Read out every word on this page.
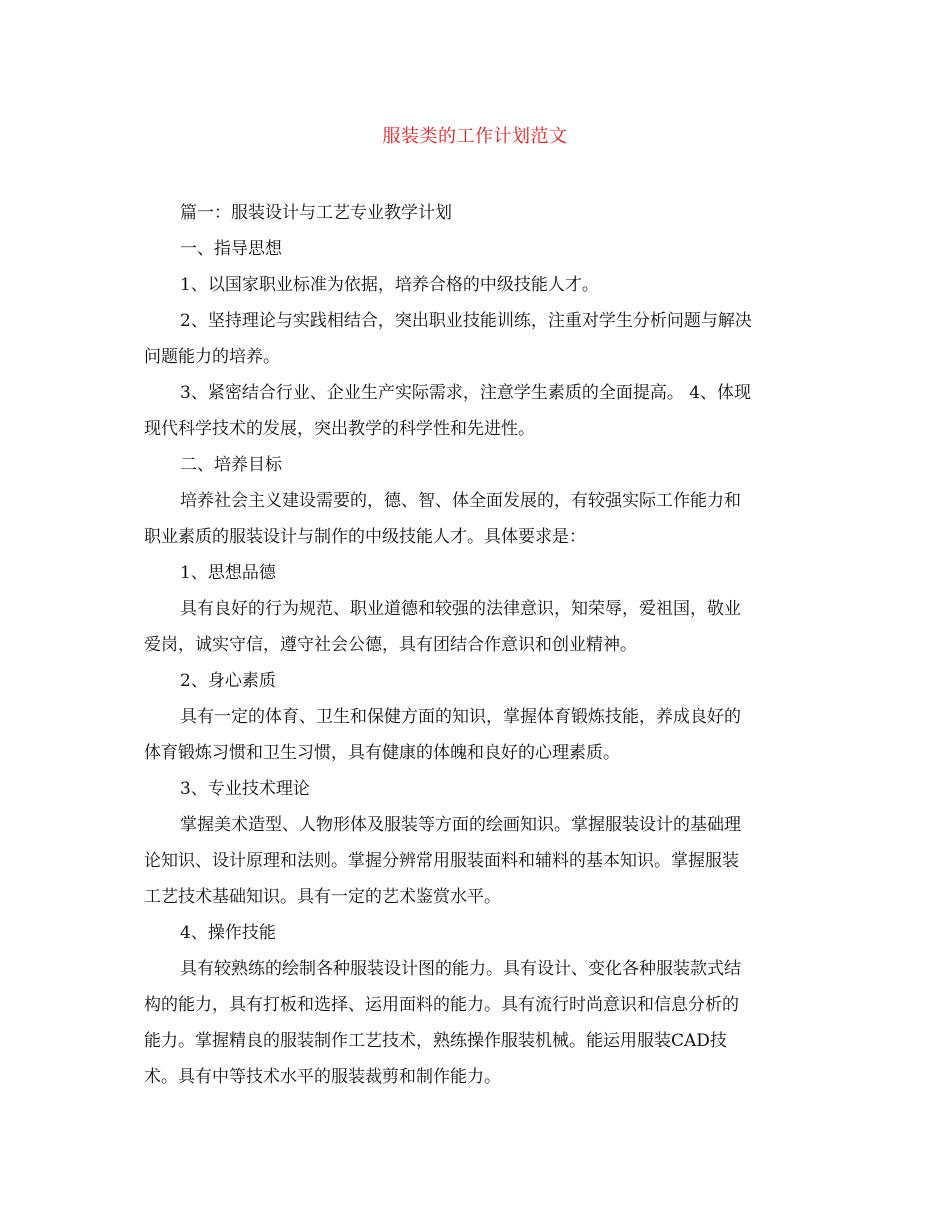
服装类的工作计划范文
篇一：服装设计与工艺专业教学计划
一、指导思想
1、以国家职业标准为依据，培养合格的中级技能人才。
2、坚持理论与实践相结合，突出职业技能训练，注重对学生分析问题与解决
问题能力的培养。
3、紧密结合行业、企业生产实际需求，注意学生素质的全面提高。 4、体现
现代科学技术的发展，突出教学的科学性和先进性。
二、培养目标
培养社会主义建设需要的，德、智、体全面发展的，有较强实际工作能力和
职业素质的服装设计与制作的中级技能人才。具体要求是：
1、思想品德
具有良好的行为规范、职业道德和较强的法律意识，知荣辱，爱祖国，敬业
爱岗，诚实守信，遵守社会公德，具有团结合作意识和创业精神。
2、身心素质
具有一定的体育、卫生和保健方面的知识，掌握体育锻炼技能，养成良好的
体育锻炼习惯和卫生习惯，具有健康的体魄和良好的心理素质。
3、专业技术理论
掌握美术造型、人物形体及服装等方面的绘画知识。掌握服装设计的基础理
论知识、设计原理和法则。掌握分辨常用服装面料和辅料的基本知识。掌握服装
工艺技术基础知识。具有一定的艺术鉴赏水平。
4、操作技能
具有较熟练的绘制各种服装设计图的能力。具有设计、变化各种服装款式结
构的能力，具有打板和选择、运用面料的能力。具有流行时尚意识和信息分析的
能力。掌握精良的服装制作工艺技术，熟练操作服装机械。能运用服装CAD技
术。具有中等技术水平的服装裁剪和制作能力。
